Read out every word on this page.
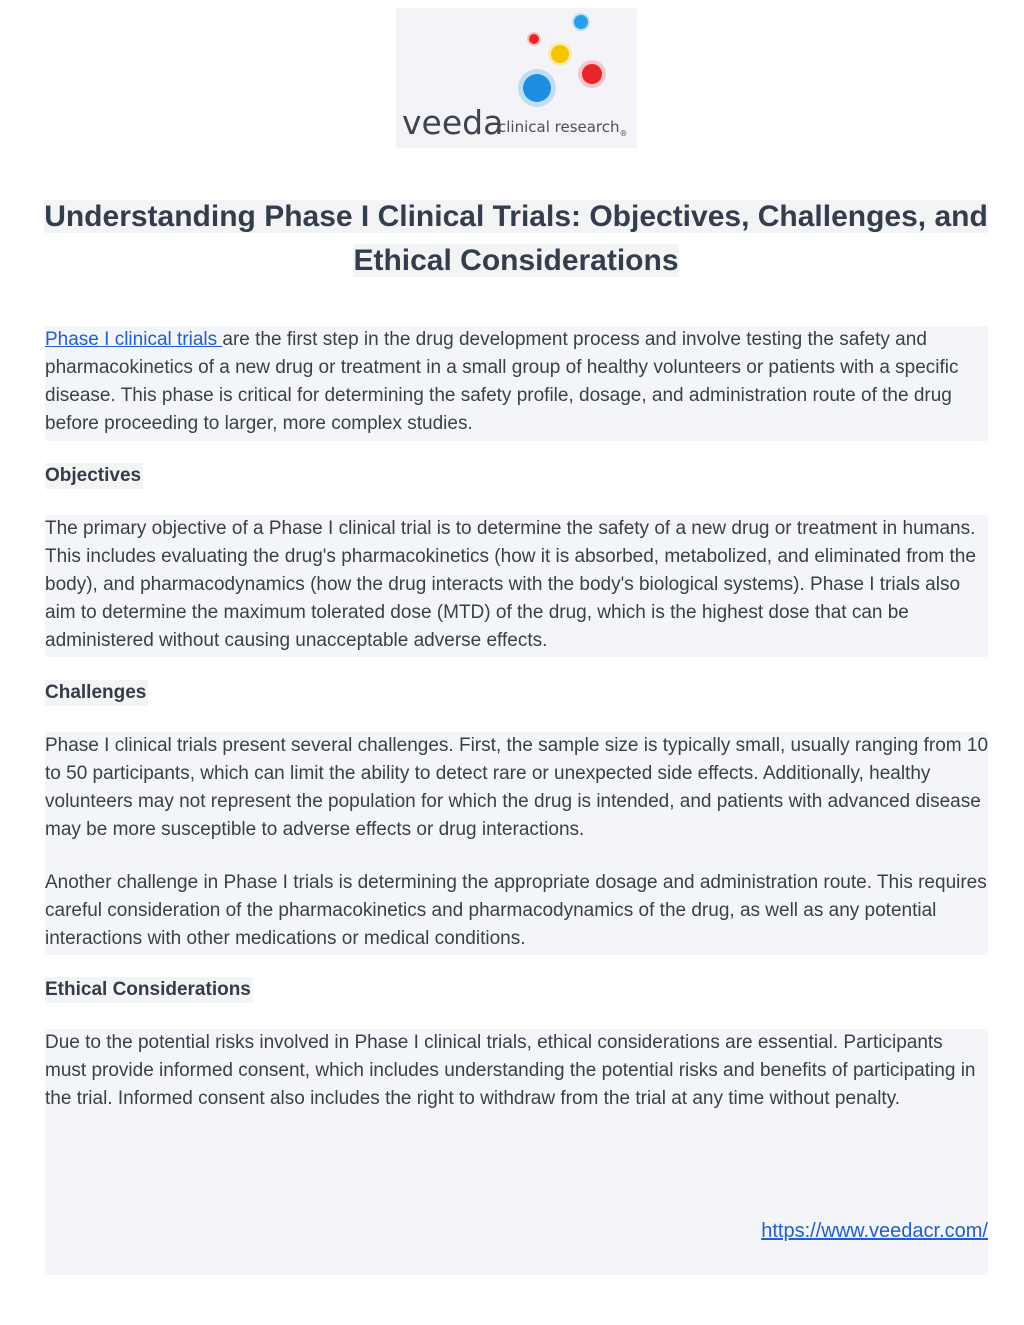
veeda
clinical research$_®$
Understanding Phase I Clinical Trials: Objectives, Challenges, and
Ethical Considerations

Phase I clinical trials are the first step in the drug development process and involve testing the safety and pharmacokinetics of a new drug or treatment in a small group of healthy volunteers or patients with a specific disease. This phase is critical for determining the safety profile, dosage, and administration route of the drug before proceeding to larger, more complex studies.

Objectives

The primary objective of a Phase I clinical trial is to determine the safety of a new drug or treatment in humans. This includes evaluating the drug's pharmacokinetics (how it is absorbed, metabolized, and eliminated from the body), and pharmacodynamics (how the drug interacts with the body's biological systems). Phase I trials also aim to determine the maximum tolerated dose (MTD) of the drug, which is the highest dose that can be administered without causing unacceptable adverse effects.

Challenges

Phase I clinical trials present several challenges. First, the sample size is typically small, usually ranging from 10 to 50 participants, which can limit the ability to detect rare or unexpected side effects. Additionally, healthy volunteers may not represent the population for which the drug is intended, and patients with advanced disease may be more susceptible to adverse effects or drug interactions.

Another challenge in Phase I trials is determining the appropriate dosage and administration route. This requires careful consideration of the pharmacokinetics and pharmacodynamics of the drug, as well as any potential interactions with other medications or medical conditions.

Ethical Considerations

Due to the potential risks involved in Phase I clinical trials, ethical considerations are essential. Participants must provide informed consent, which includes understanding the potential risks and benefits of participating in the trial. Informed consent also includes the right to withdraw from the trial at any time without penalty.

https://www.veedacr.com/
